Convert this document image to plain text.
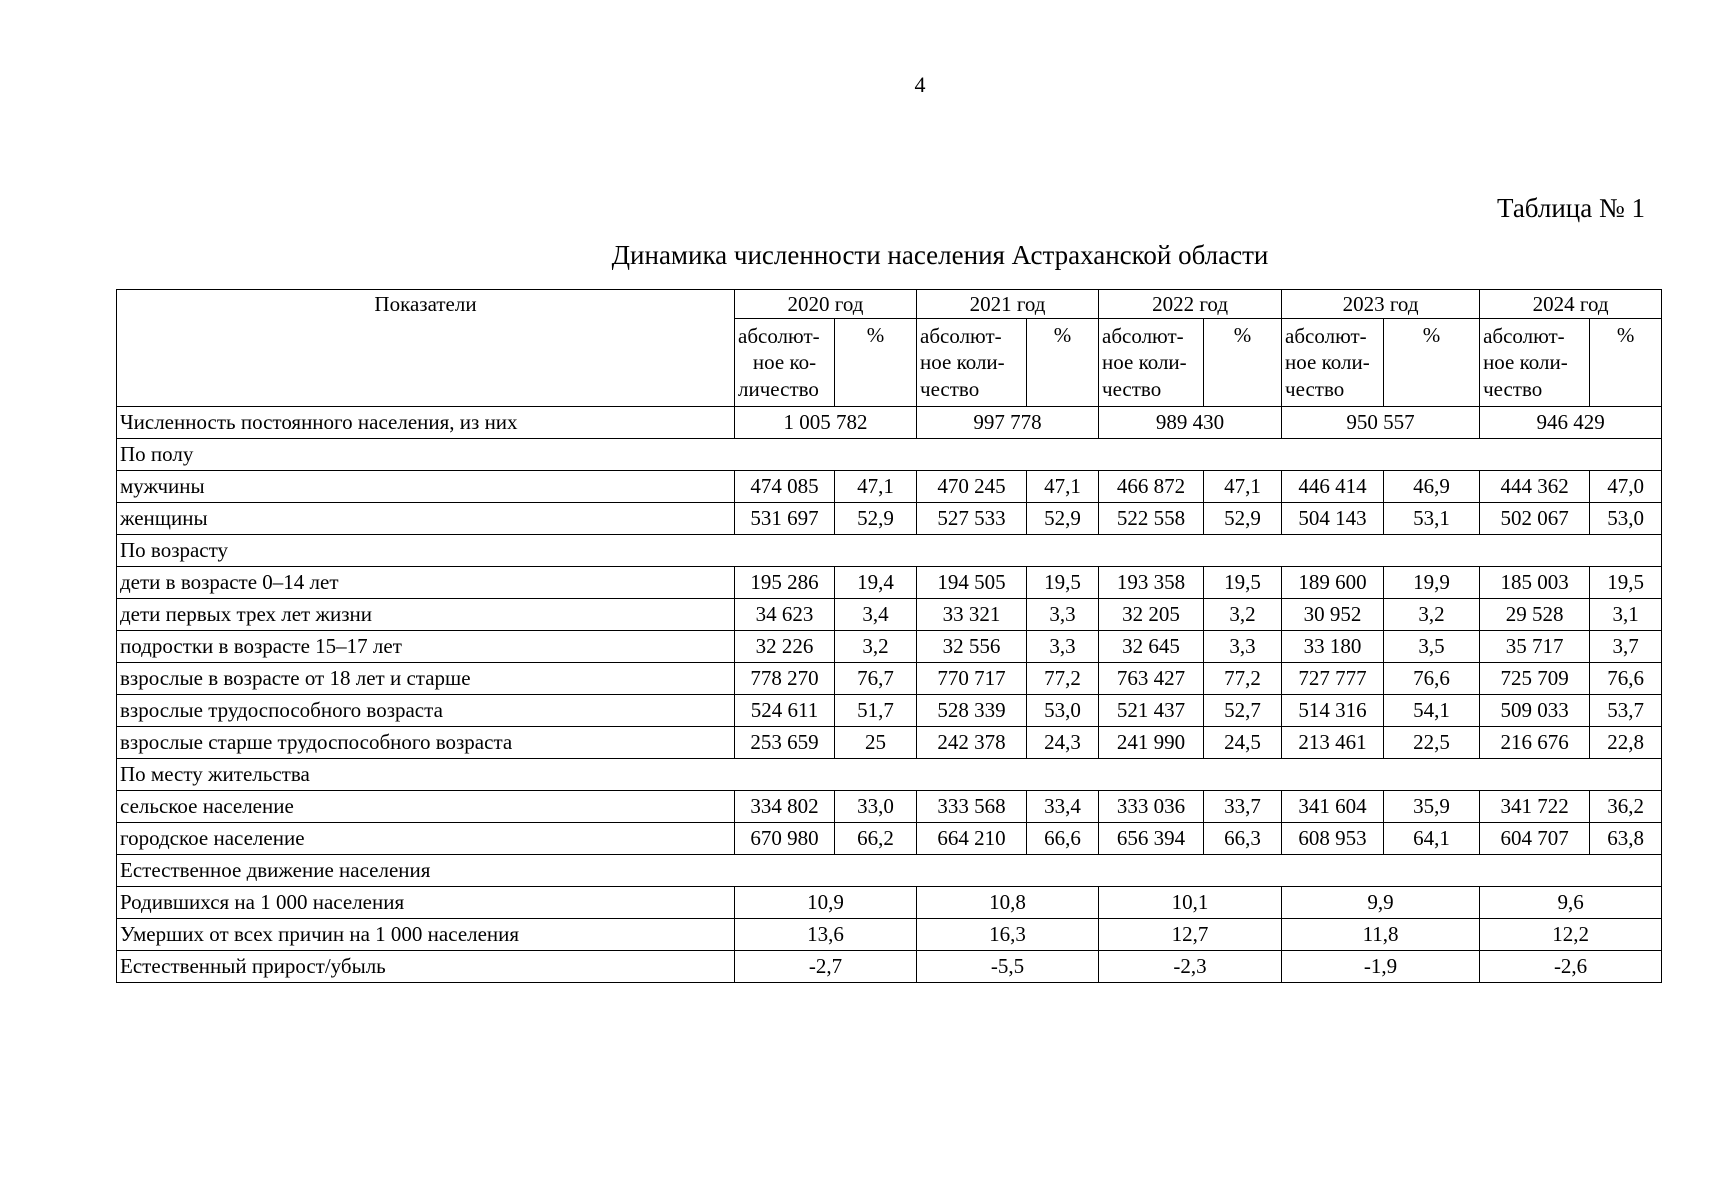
4
Таблица № 1
Динамика численности населения Астраханской области
Показатели	2020 год		2021 год		2022 год		2023 год		2024 год	

	абсолют-
ное ко-
личество	%	абсолют-
ное коли-
чество	%	абсолют-
ное коли-
чество	%	абсолют-
ное коли-
чество	%	абсолют-
ное коли-
чество	%
Численность постоянного населения, из них	1 005 782		997 778		989 430		950 557		946 429	
По полу										
мужчины	474 085	47,1	470 245	47,1	466 872	47,1	446 414	46,9	444 362	47,0
женщины	531 697	52,9	527 533	52,9	522 558	52,9	504 143	53,1	502 067	53,0
По возрасту										
дети в возрасте 0–14 лет	195 286	19,4	194 505	19,5	193 358	19,5	189 600	19,9	185 003	19,5
дети первых трех лет жизни	34 623	3,4	33 321	3,3	32 205	3,2	30 952	3,2	29 528	3,1
подростки в возрасте 15–17 лет	32 226	3,2	32 556	3,3	32 645	3,3	33 180	3,5	35 717	3,7
взрослые в возрасте от 18 лет и старше	778 270	76,7	770 717	77,2	763 427	77,2	727 777	76,6	725 709	76,6
взрослые трудоспособного возраста	524 611	51,7	528 339	53,0	521 437	52,7	514 316	54,1	509 033	53,7
взрослые старше трудоспособного возраста	253 659	25	242 378	24,3	241 990	24,5	213 461	22,5	216 676	22,8
По месту жительства										
сельское население	334 802	33,0	333 568	33,4	333 036	33,7	341 604	35,9	341 722	36,2
городское население	670 980	66,2	664 210	66,6	656 394	66,3	608 953	64,1	604 707	63,8
Естественное движение населения										
Родившихся на 1 000 населения	10,9		10,8		10,1		9,9		9,6	
Умерших от всех причин на 1 000 населения	13,6		16,3		12,7		11,8		12,2	
Естественный прирост/убыль	-2,7		-5,5		-2,3		-1,9		-2,6	
